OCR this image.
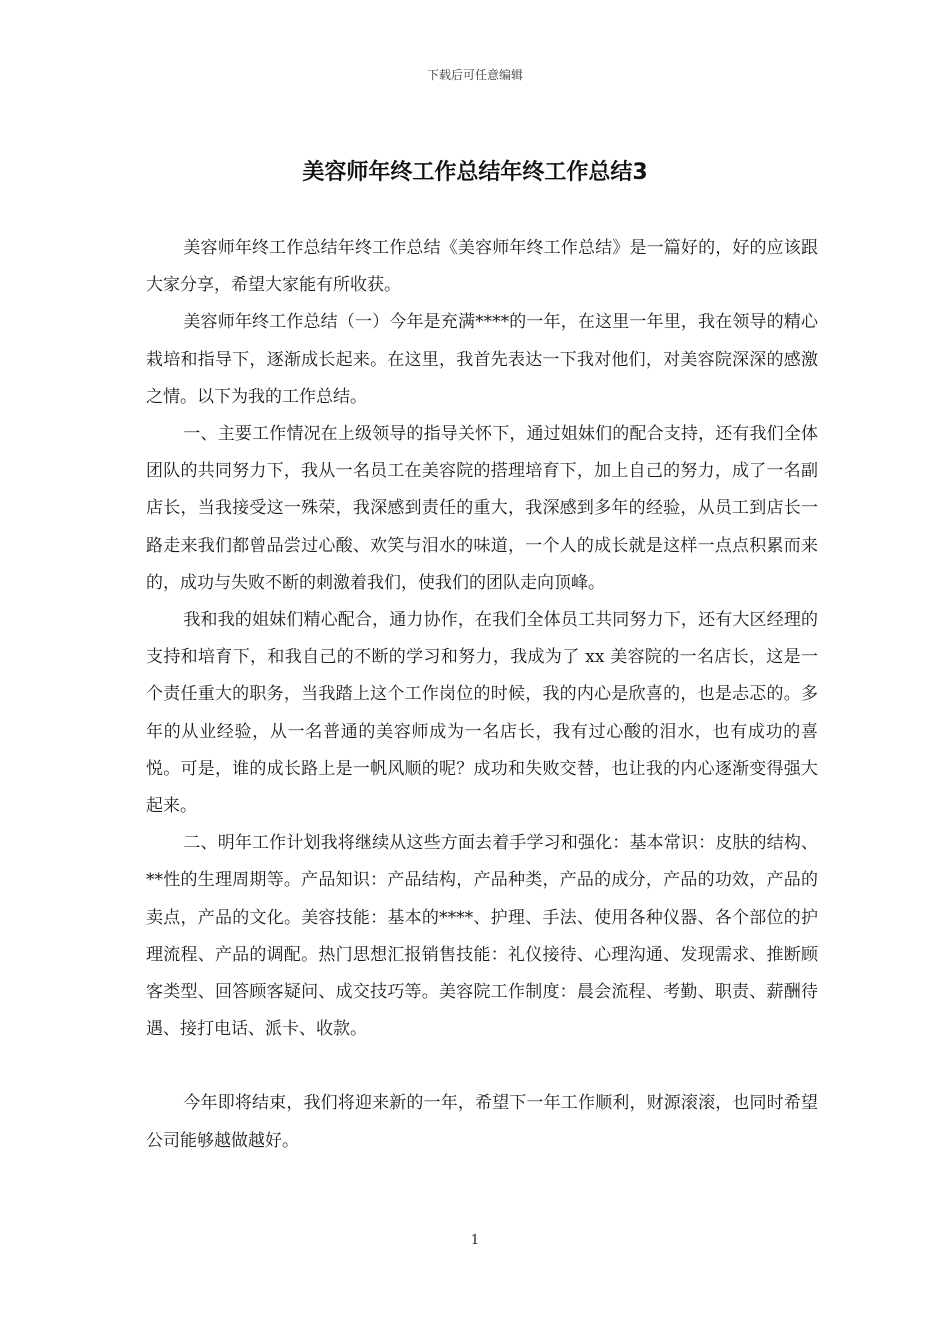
下载后可任意编辑
美容师年终工作总结年终工作总结3

美容师年终工作总结年终工作总结《美容师年终工作总结》是一篇好的，好的应该跟大家分享，希望大家能有所收获。

美容师年终工作总结（一）今年是充满****的一年，在这里一年里，我在领导的精心栽培和指导下，逐渐成长起来。在这里，我首先表达一下我对他们，对美容院深深的感激之情。以下为我的工作总结。

一、主要工作情况在上级领导的指导关怀下，通过姐妹们的配合支持，还有我们全体团队的共同努力下，我从一名员工在美容院的搭理培育下，加上自己的努力，成了一名副店长，当我接受这一殊荣，我深感到责任的重大，我深感到多年的经验，从员工到店长一路走来我们都曾品尝过心酸、欢笑与泪水的味道，一个人的成长就是这样一点点积累而来的，成功与失败不断的刺激着我们，使我们的团队走向顶峰。

我和我的姐妹们精心配合，通力协作，在我们全体员工共同努力下，还有大区经理的支持和培育下，和我自己的不断的学习和努力，我成为了 xx 美容院的一名店长，这是一个责任重大的职务，当我踏上这个工作岗位的时候，我的内心是欣喜的，也是忐忑的。多年的从业经验，从一名普通的美容师成为一名店长，我有过心酸的泪水，也有成功的喜悦。可是，谁的成长路上是一帆风顺的呢？成功和失败交替，也让我的内心逐渐变得强大起来。

二、明年工作计划我将继续从这些方面去着手学习和强化：基本常识：皮肤的结构、**性的生理周期等。产品知识：产品结构，产品种类，产品的成分，产品的功效，产品的卖点，产品的文化。美容技能：基本的****、护理、手法、使用各种仪器、各个部位的护理流程、产品的调配。热门思想汇报销售技能：礼仪接待、心理沟通、发现需求、推断顾客类型、回答顾客疑问、成交技巧等。美容院工作制度：晨会流程、考勤、职责、薪酬待遇、接打电话、派卡、收款。

今年即将结束，我们将迎来新的一年，希望下一年工作顺利，财源滚滚，也同时希望公司能够越做越好。

1
